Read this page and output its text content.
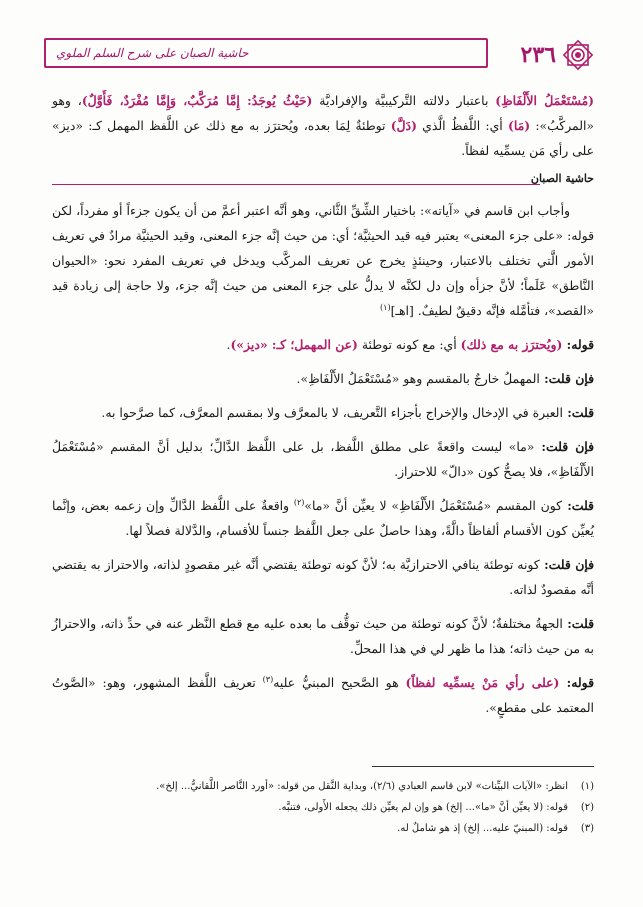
٢٣٦
حاشية الصبان على شرح السلم الملوي
(مُسْتَعْمَلُ الأَلْفَاظِ) باعتبار دلالته التَّركيبيَّة والإفراديَّة (حَيْثُ يُوجَدُ: إِمَّا مُرَكَّبٌ، وَإِمَّا مُفْرَدٌ، فَأَوَّلٌ)، وهو «المركَّبُ»: (مَا) أي: اللَّفظُ الَّذي (دَلَّ) توطئةٌ لِمَا بعده، ويُحترَز به مع ذلك عن اللَّفظ المهمل كـ: «ديز» على رأي مَن يسمِّيه لفظاً.
حاشية الصبان

وأجاب ابن قاسم في «آياته»: باختيار الشِّقِّ الثَّاني، وهو أنَّه اعتبر أعمَّ من أن يكون جزءاً أو مفرداً، لكن قوله: «على جزء المعنى» يعتبر فيه قيد الحيثيَّة؛ أي: من حيث إنَّه جزء المعنى، وقيد الحيثيَّة مرادٌ في تعريف الأمور الَّتي تختلف بالاعتبار، وحينئذٍ يخرج عن تعريف المركَّب ويدخل في تعريف المفرد نحو: «الحيوان النَّاطق» عَلَماً؛ لأنَّ جزأه وإن دل لكنَّه لا يدلُّ على جزء المعنى من حيث إنَّه جزء، ولا حاجة إلى زيادة قيد «القصد»، فتأمَّله فإنَّه دقيقٌ لطيفٌ. [اهـ]$^{(١)}$

قوله: (ويُحترَز به مع ذلك) أي: مع كونه توطئة (عن المهمل؛ كـ: «ديز»).

فإن قلت: المهملُ خارجٌ بالمقسم وهو «مُسْتَعْمَلُ الأَلْفَاظِ».

قلت: العبرة في الإدخال والإخراج بأجزاء التَّعريف، لا بالمعرَّف ولا بمقسم المعرَّف، كما صرَّحوا به.

فإن قلت: «ما» ليست واقعةً على مطلق اللَّفظ، بل على اللَّفظ الدَّالِّ؛ بدليل أنَّ المقسم «مُسْتَعْمَلُ الأَلْفَاظِ»، فلا يصحُّ كون «دالّ» للاحتراز.

قلت: كون المقسم «مُسْتَعْمَلُ الأَلْفَاظِ» لا يعيِّن أنَّ «ما»$^{(٢)}$ واقعةٌ على اللَّفظ الدَّالِّ وإن زعمه بعض، وإنَّما يُعيِّن كون الأقسام ألفاظاً دالَّةً، وهذا حاصلٌ على جعل اللَّفظ جنساً للأقسام، والدَّلالة فصلاً لها.

فإن قلت: كونه توطئة ينافي الاحترازيَّة به؛ لأنَّ كونه توطئة يقتضي أنَّه غير مقصودٍ لذاته، والاحتراز به يقتضي أنَّه مقصودٌ لذاته.

قلت: الجهةُ مختلفةٌ؛ لأنَّ كونه توطئة من حيث توقُّف ما بعده عليه مع قطع النَّظر عنه في حدِّ ذاته، والاحترازُ به من حيث ذاته؛ هذا ما ظهر لي في هذا المحلِّ.

قوله: (على رأي مَنْ يسمِّيه لفظاً) هو الصَّحيح المبنيُّ عليه$^{(٣)}$ تعريف اللَّفظ المشهور، وهو: «الصَّوتُ المعتمد على مقطعٍ».

(١)انظر: «الآيات البيِّنات» لابن قاسم العبادي (٢/٦)، وبداية النَّقل من قوله: «أورد النَّاصر اللَّقانيُّ... إلخ».
(٢)قوله: (لا يعيِّن أنَّ «ما»... إلخ) هو وإن لم يعيِّن ذلك يجعله الأَولى، فتنبَّه.
(٣)قوله: (المبنيّ عليه... إلخ) إذ هو شاملٌ له.
